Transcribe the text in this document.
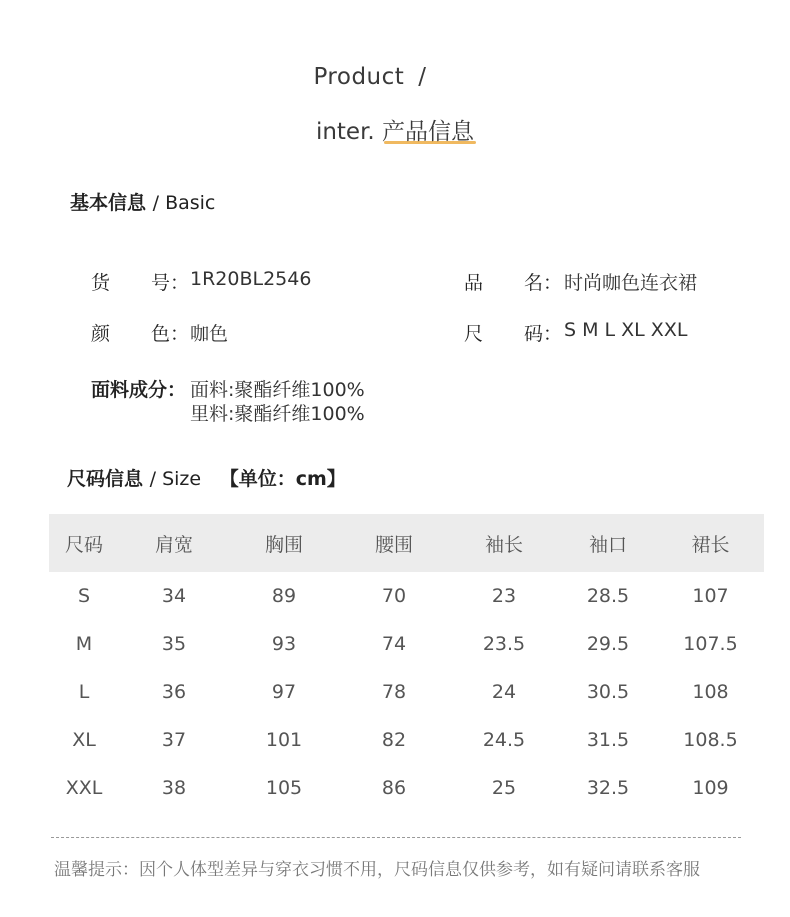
Product /
inter. 产品信息
基本信息 / Basic
货 号： 1R20BL2546	品 名： 时尚咖色连衣裙
颜 色： 咖色	尺 码： S M L XL XXL
面料成分： 面料:聚酯纤维100%
里料:聚酯纤维100%
尺码信息 / Size 【单位：cm】
尺码	肩宽	胸围	腰围	袖长	袖口	裙长
S	34	89	70	23	28.5	107
M	35	93	74	23.5	29.5	107.5
L	36	97	78	24	30.5	108
XL	37	101	82	24.5	31.5	108.5
XXL	38	105	86	25	32.5	109
温馨提示：因个人体型差异与穿衣习惯不用，尺码信息仅供参考，如有疑问请联系客服
